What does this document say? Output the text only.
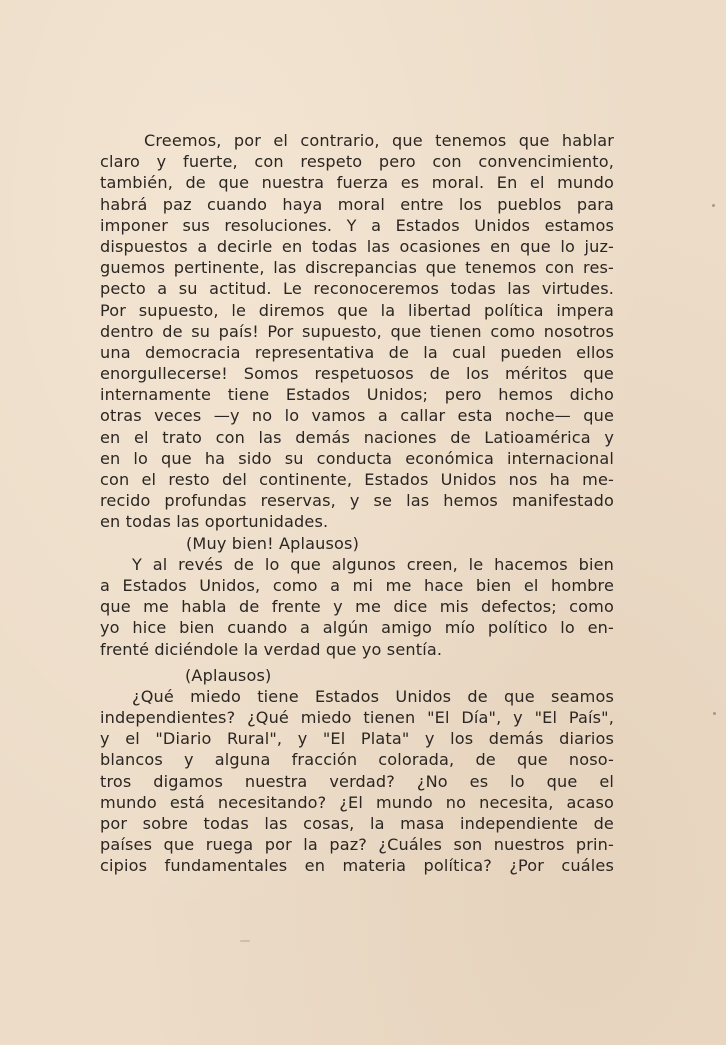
Creemos, por el contrario, que tenemos que hablar
claro y fuerte, con respeto pero con convencimiento,
también, de que nuestra fuerza es moral. En el mundo
habrá paz cuando haya moral entre los pueblos para
imponer sus resoluciones. Y a Estados Unidos estamos
dispuestos a decirle en todas las ocasiones en que lo juz-
guemos pertinente, las discrepancias que tenemos con res-
pecto a su actitud. Le reconoceremos todas las virtudes.
Por supuesto, le diremos que la libertad política impera
dentro de su país! Por supuesto, que tienen como nosotros
una democracia representativa de la cual pueden ellos
enorgullecerse! Somos respetuosos de los méritos que
internamente tiene Estados Unidos; pero hemos dicho
otras veces —y no lo vamos a callar esta noche— que
en el trato con las demás naciones de Latioamérica y
en lo que ha sido su conducta económica internacional
con el resto del continente, Estados Unidos nos ha me-
recido profundas reservas, y se las hemos manifestado
en todas las oportunidades.
(Muy bien! Aplausos)
Y al revés de lo que algunos creen, le hacemos bien
a Estados Unidos, como a mi me hace bien el hombre
que me habla de frente y me dice mis defectos; como
yo hice bien cuando a algún amigo mío político lo en-
frenté diciéndole la verdad que yo sentía.
(Aplausos)
¿Qué miedo tiene Estados Unidos de que seamos
independientes? ¿Qué miedo tienen "El Día", y "El País",
y el "Diario Rural", y "El Plata" y los demás diarios
blancos y alguna fracción colorada, de que noso-
tros digamos nuestra verdad? ¿No es lo que el
mundo está necesitando? ¿El mundo no necesita, acaso
por sobre todas las cosas, la masa independiente de
países que ruega por la paz? ¿Cuáles son nuestros prin-
cipios fundamentales en materia política? ¿Por cuáles
